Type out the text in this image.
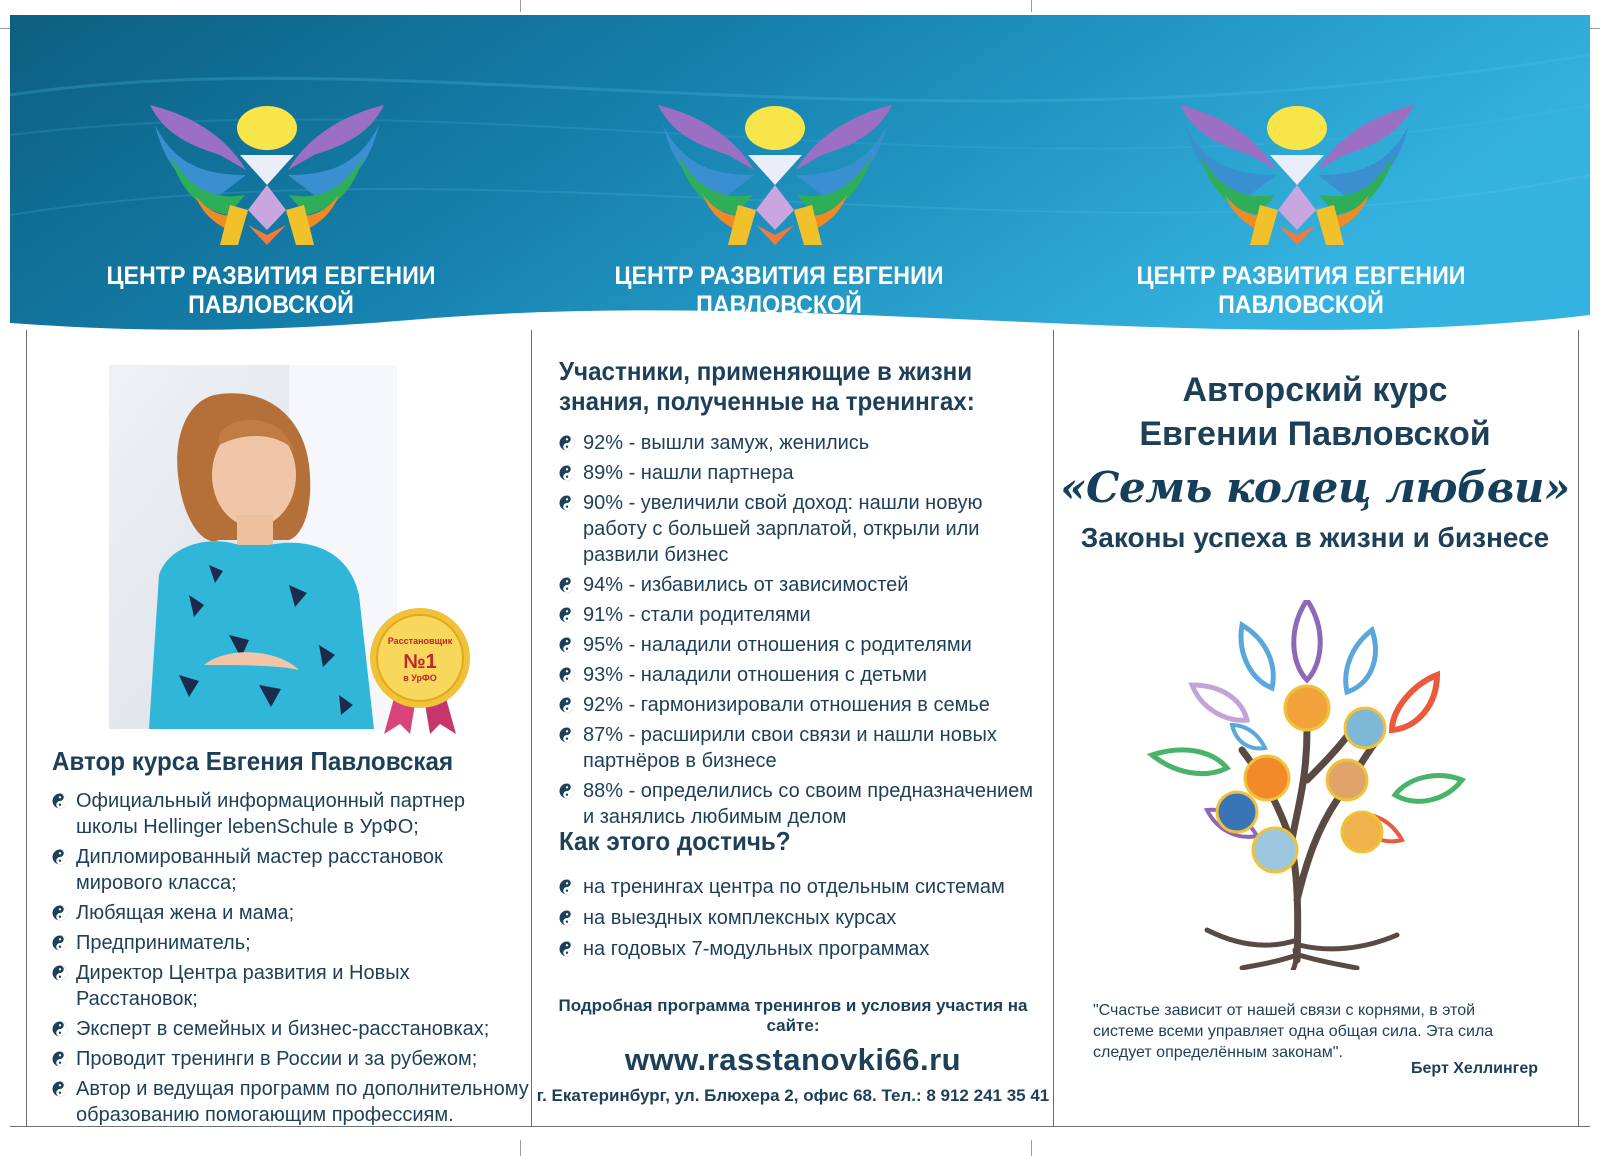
ЦЕНТР РАЗВИТИЯ ЕВГЕНИИ ПАВЛОВСКОЙ
ЦЕНТР РАЗВИТИЯ ЕВГЕНИИ ПАВЛОВСКОЙ
ЦЕНТР РАЗВИТИЯ ЕВГЕНИИ ПАВЛОВСКОЙ
Расстановщик
№1
в УрФО
Автор курса Евгения Павловская
Официальный информационный партнер школы Hellinger lebenSchule в УрФО;
Дипломированный мастер расстановок мирового класса;
Любящая жена и мама;
Предприниматель;
Директор Центра развития и Новых Расстановок;
Эксперт в семейных и бизнес-расстановках;
Проводит тренинги в России и за рубежом;
Автор и ведущая программ по дополнительному образованию помогающим профессиям.
Участники, применяющие в жизни
знания, полученные на тренингах:
92% - вышли замуж, женились
89% - нашли партнера
90% - увеличили свой доход: нашли новую работу с большей зарплатой, открыли или развили бизнес
94% - избавились от зависимостей
91% - стали родителями
95% - наладили отношения с родителями
93% - наладили отношения с детьми
92% - гармонизировали отношения в семье
87% - расширили свои связи и нашли новых партнёров в бизнесе
88% - определились со своим предназначением и занялись любимым делом
Как этого достичь?
на тренингах центра по отдельным системам
на выездных комплексных курсах
на годовых 7-модульных программах
Подробная программа тренингов и условия участия на сайте:
www.rasstanovki66.ru
г. Екатеринбург, ул. Блюхера 2, офис 68. Тел.: 8 912 241 35 41
Авторский курс
Евгении Павловской
«Семь колец любви»
Законы успеха в жизни и бизнесе
"Счастье зависит от нашей связи с корнями, в этой системе всеми управляет одна общая сила. Эта сила следует определённым законам".
Берт Хеллингер
